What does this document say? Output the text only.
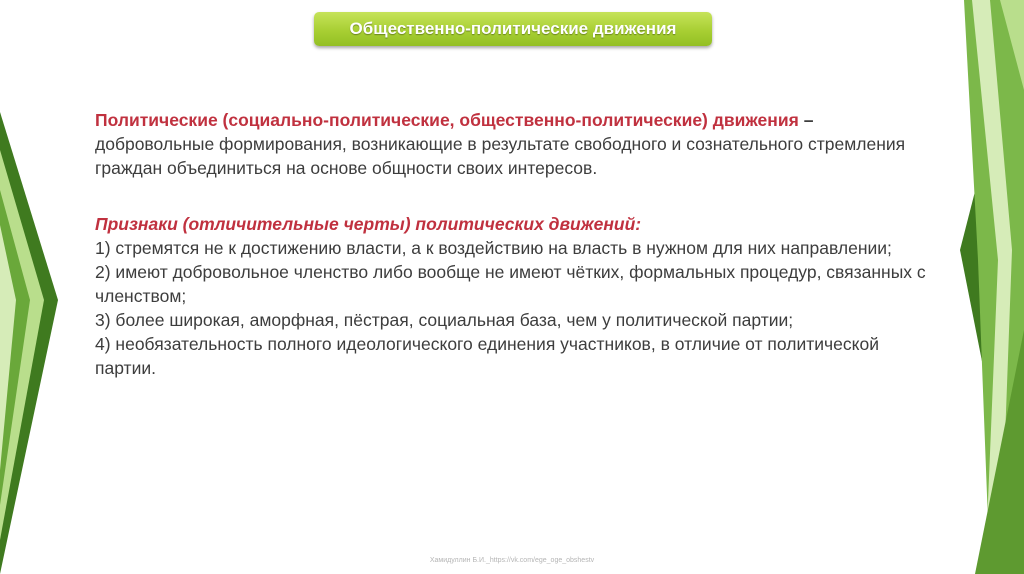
Общественно-политические движения

Политические (социально-политические, общественно-политические) движения – добровольные формирования, возникающие в результате свободного и сознательного стремления граждан объединиться на основе общности своих интересов.

Признаки (отличительные черты) политических движений:

1) стремятся не к достижению власти, а к воздействию на власть в нужном для них направлении;
2) имеют добровольное членство либо вообще не имеют чётких, формальных процедур, связанных с членством;
3) более широкая, аморфная, пёстрая, социальная база, чем у политической партии;
4) необязательность полного идеологического единения участников, в отличие от политической партии.
Хамидуллин Б.И._https://vk.com/ege_oge_obshestv
